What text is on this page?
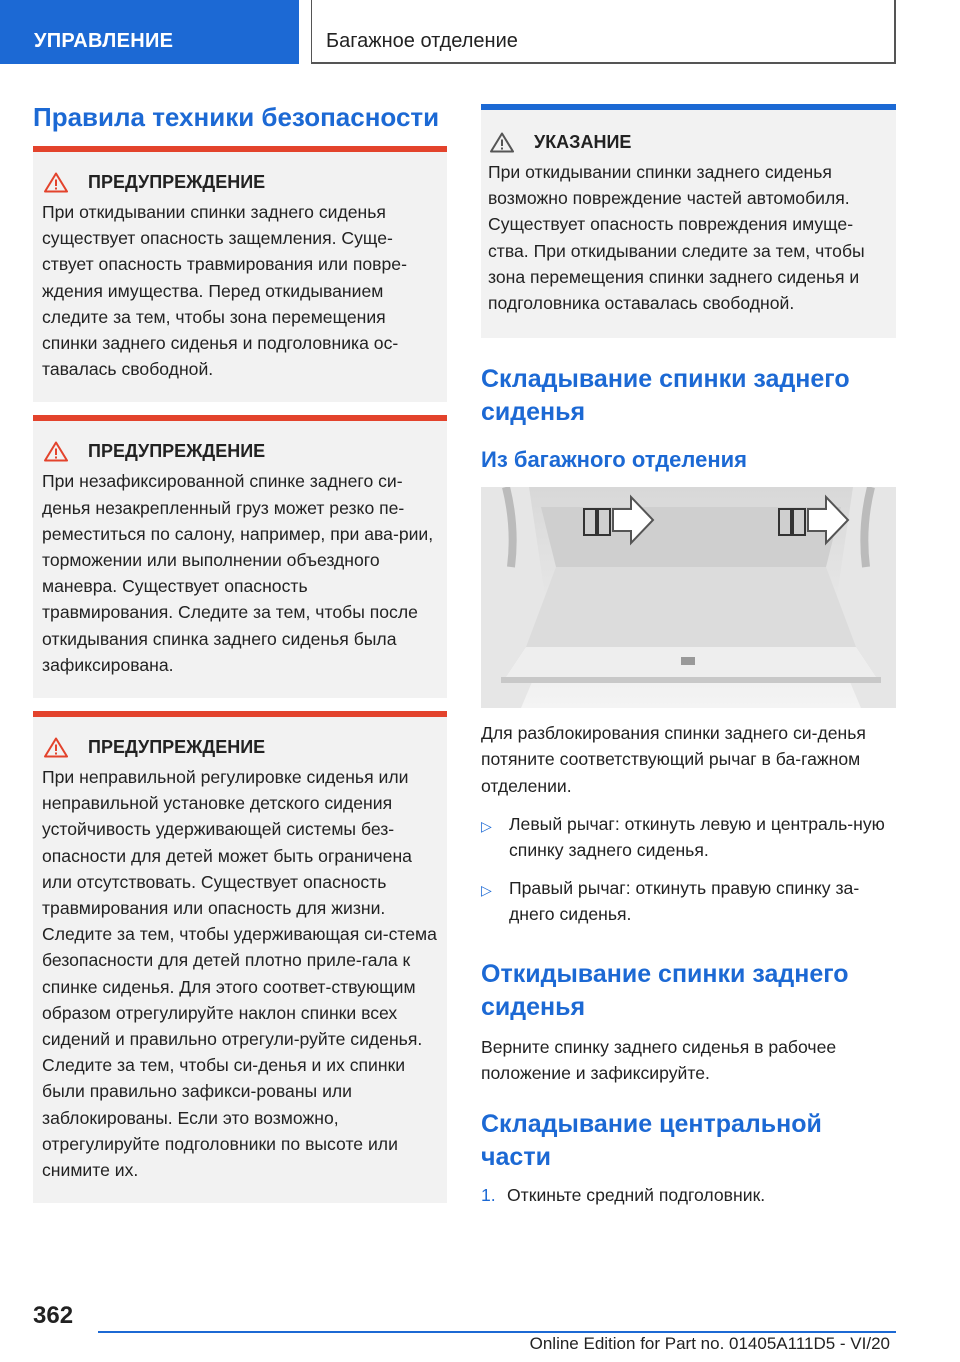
УПРАВЛЕНИЕ	Багажное отделение
Правила техники безопасности
ПРЕДУПРЕЖДЕНИЕ

При откидывании спинки заднего сиденья существует опасность защемления. Суще-ствует опасность травмирования или повре-ждения имущества. Перед откидыванием следите за тем, чтобы зона перемещения спинки заднего сиденья и подголовника ос-тавалась свободной.

ПРЕДУПРЕЖДЕНИЕ

При незафиксированной спинке заднего си-денья незакрепленный груз может резко пе-реместиться по салону, например, при ава-рии, торможении или выполнении объездного маневра. Существует опасность травмирования. Следите за тем, чтобы после откидывания спинка заднего сиденья была зафиксирована.

ПРЕДУПРЕЖДЕНИЕ

При неправильной регулировке сиденья или неправильной установке детского сидения устойчивость удерживающей системы без-опасности для детей может быть ограничена или отсутствовать. Существует опасность травмирования или опасность для жизни. Следите за тем, чтобы удерживающая си-стема безопасности для детей плотно приле-гала к спинке сиденья. Для этого соответ-ствующим образом отрегулируйте наклон спинки всех сидений и правильно отрегули-руйте сиденья. Следите за тем, чтобы си-денья и их спинки были правильно зафикси-рованы или заблокированы. Если это возможно, отрегулируйте подголовники по высоте или снимите их.

УКАЗАНИЕ

При откидывании спинки заднего сиденья возможно повреждение частей автомобиля. Существует опасность повреждения имуще-ства. При откидывании следите за тем, чтобы зона перемещения спинки заднего сиденья и подголовника оставалась свободной.

Складывание спинки заднего сиденья
Из багажного отделения

Для разблокирования спинки заднего си-денья потяните соответствующий рычаг в ба-гажном отделении.

▷ Левый рычаг: откинуть левую и централь-ную спинку заднего сиденья.
▷ Правый рычаг: откинуть правую спинку за-днего сиденья.
Откидывание спинки заднего сиденья

Верните спинку заднего сиденья в рабочее положение и зафиксируйте.

Складывание центральной части
1. Откиньте средний подголовник.
362
Online Edition for Part no. 01405A111D5 - VI/20
